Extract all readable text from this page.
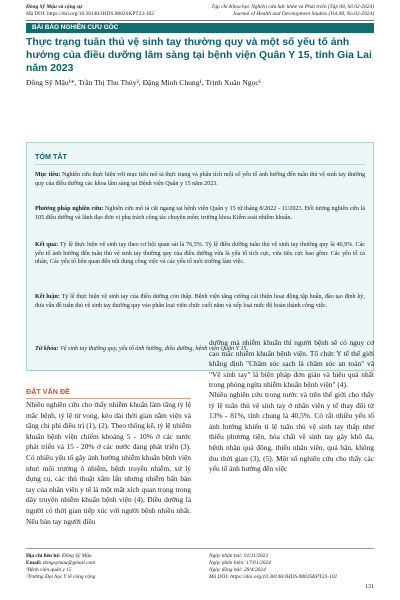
Đồng Sỹ Mậu và cộng sự
Mã DOI: https://doi.org/10.38148/JHDS.0802SKPT23-102
Tạp chí Khoa học Nghiên cứu Sức khỏe và Phát triển (Tập 08, Số 02-2024)
Journal of Health and Development Studies (Vol.08, No.02-2024)
BÀI BÁO NGHIÊN CỨU GỐC
Thực trạng tuân thủ vệ sinh tay thường quy và một số yếu tố ảnh hưởng của điều dưỡng lâm sàng tại bệnh viện Quân Y 15, tỉnh Gia Lai năm 2023
Đồng Sỹ Mậu¹*, Trần Thị Thu Thủy², Đặng Minh Chung¹, Trịnh Xuân Ngọc¹
TÓM TẮT

Mục tiêu: Nghiên cứu thực hiện với mục tiêu mô tả thực trạng và phân tích một số yếu tố ảnh hưởng đến tuân thủ vệ sinh tay thường quy của điều dưỡng các khoa lâm sàng tại Bệnh viện Quân y 15 năm 2023.

Phương pháp nghiên cứu: Nghiên cứu mô tả cắt ngang tại bệnh viện Quân y 15 từ tháng 8/2022 - 11/2023. Đối tượng nghiên cứu là 105 điều dưỡng và lãnh đạo đơn vị phụ trách công tác chuyên môn; trưởng khoa Kiểm soát nhiễm khuẩn.

Kết quả: Tỷ lệ thực hiện vệ sinh tay theo cơ hội quan sát là 76,5%. Tỷ lệ điều dưỡng tuân thủ vệ sinh tay thường quy là 40,9%. Các yếu tố ảnh hưởng đến tuân thủ vệ sinh tay thường quy của điều dưỡng vừa là yếu tố tích cực, vừa tiêu cực bao gồm: Các yếu tố cá nhân, Các yếu tố liên quan đến nội dung công việc và các yếu tố môi trường làm việc.

Kết luận: Tỷ lệ thực hiện vệ sinh tay của điều dưỡng còn thấp. Bệnh viện tăng cường cải thiện hoạt động tập huấn, đào tạo định kỳ, đưa vấn đề tuân thủ vệ sinh tay thường quy vào phân loại viên chức cuối năm và xếp loại mức độ hoàn thành công việc.

Từ khóa: Vệ sinh tay thường quy, yếu tố ảnh hưởng, điều dưỡng, bệnh viện Quân Y 15.

ĐẶT VẤN ĐỀ

Nhiều nghiên cứu cho thấy nhiễm khuẩn làm tăng tỷ lệ mắc bệnh, tỷ lệ tử vong, kéo dài thời gian nằm viện và tăng chi phí điều trị (1), (2). Theo thống kê, tỷ lệ nhiễm khuẩn bệnh viện chiếm khoảng 5 - 10% ở các nước phát triển và 15 - 20% ở các nước đang phát triển (3). Có nhiều yếu tố gây ảnh hưởng nhiễm khuẩn bệnh viện như: môi trường ô nhiễm, bệnh truyền nhiễm, xử lý dụng cụ, các thủ thuật xâm lấn nhưng nhiễm bẩn bàn tay của nhân viên y tế là một mắt xích quan trọng trong dây truyền nhiễm khuẩn bệnh viện (4). Điều dưỡng là người có thời gian tiếp xúc với người bệnh nhiều nhất. Nếu bàn tay người điều

dưỡng mà nhiễm khuẩn thì người bệnh sẽ có nguy cơ cao mắc nhiễm khuẩn bệnh viện. Tổ chức Y tế thế giới khẳng định "Chăm sóc sạch là chăm sóc an toàn" và "Vệ sinh tay" là biện pháp đơn giản và hiệu quả nhất trong phòng ngừa nhiễm khuẩn bệnh viện" (4).

Nhiều nghiên cứu trong nước và trên thế giới cho thấy tỷ lệ tuân thủ vệ sinh tay ở nhân viên y tế thay đổi từ 13% - 81%, tính chung là 40,5%. Có rất nhiều yếu tố ảnh hưởng khiến tỉ lệ tuân thủ vệ sinh tay thấp như thiếu phương tiện, hóa chất vệ sinh tay gây khô da, bệnh nhân quá đông, thiếu nhân viên, quá bận, không thu thời gian (3), (5). Một số nghiên cứu cho thấy các yếu tố ảnh hưởng đến việc

Địa chỉ liên hệ: Đồng Sỹ Mậu
Email: dongsymau@gmail.com
¹Bệnh viện quân y 15
²Trường Đại học Y tế công cộng
Ngày nhận bài: 01/11/2023
Ngày phản biện: 17/01/2024
Ngày đăng bài: 29/4/2024
Mã DOI: https://doi.org/10.38148/JHDS.0802SKPT23-102
131
